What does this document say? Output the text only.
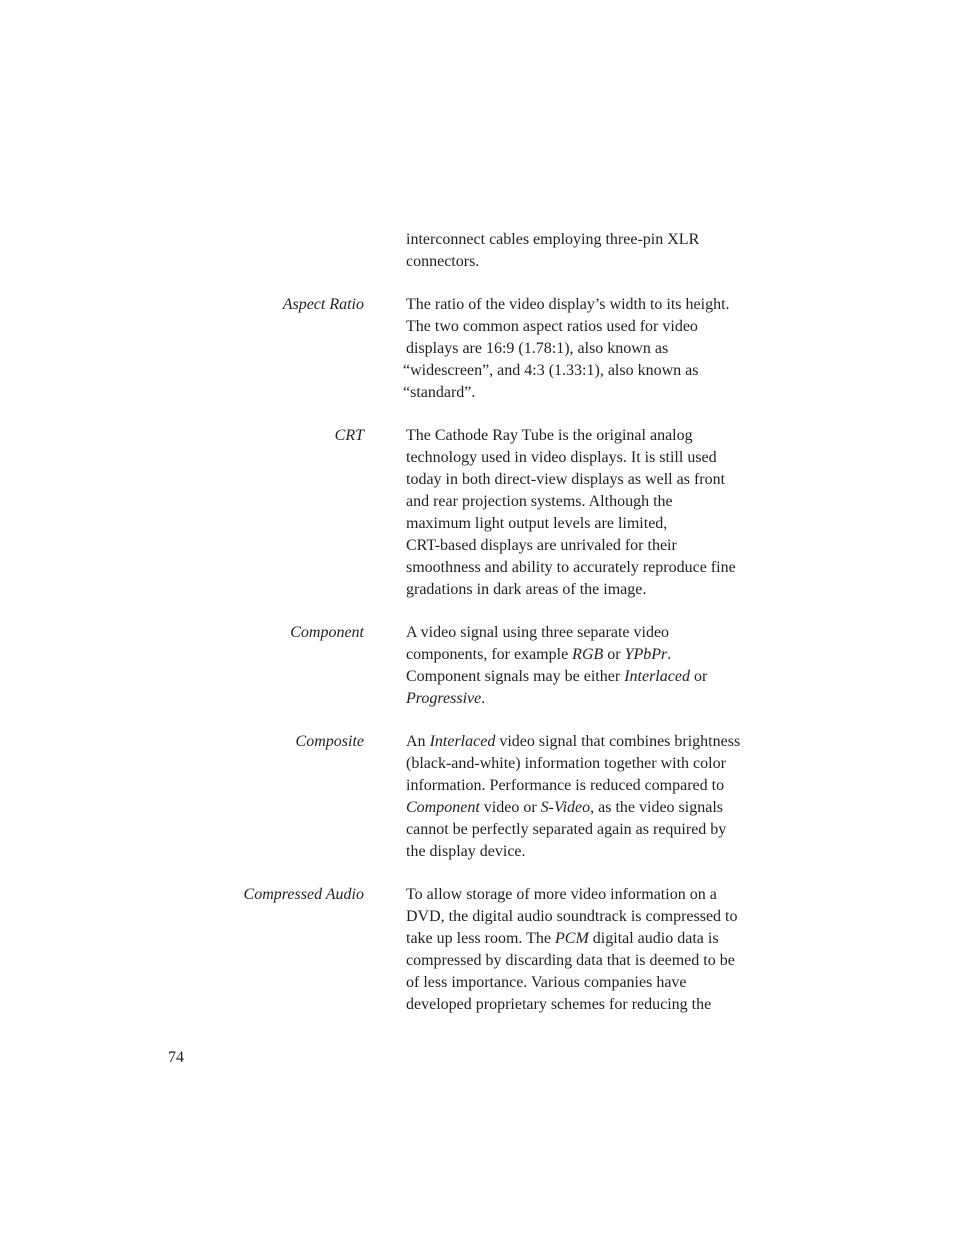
interconnect cables employing three-pin XLR
connectors.
Aspect Ratio	The ratio of the video display’s width to its height.
The two common aspect ratios used for video
displays are 16:9 (1.78:1), also known as
“widescreen”, and 4:3 (1.33:1), also known as
“standard”.
CRT	The Cathode Ray Tube is the original analog
technology used in video displays. It is still used
today in both direct-view displays as well as front
and rear projection systems. Although the
maximum light output levels are limited,
CRT-based displays are unrivaled for their
smoothness and ability to accurately reproduce fine
gradations in dark areas of the image.
Component	A video signal using three separate video
components, for example RGB or YPbPr.
Component signals may be either Interlaced or
Progressive.
Composite	An Interlaced video signal that combines brightness
(black-and-white) information together with color
information. Performance is reduced compared to
Component video or S-Video, as the video signals
cannot be perfectly separated again as required by
the display device.
Compressed Audio	To allow storage of more video information on a
DVD, the digital audio soundtrack is compressed to
take up less room. The PCM digital audio data is
compressed by discarding data that is deemed to be
of less importance. Various companies have
developed proprietary schemes for reducing the
74
